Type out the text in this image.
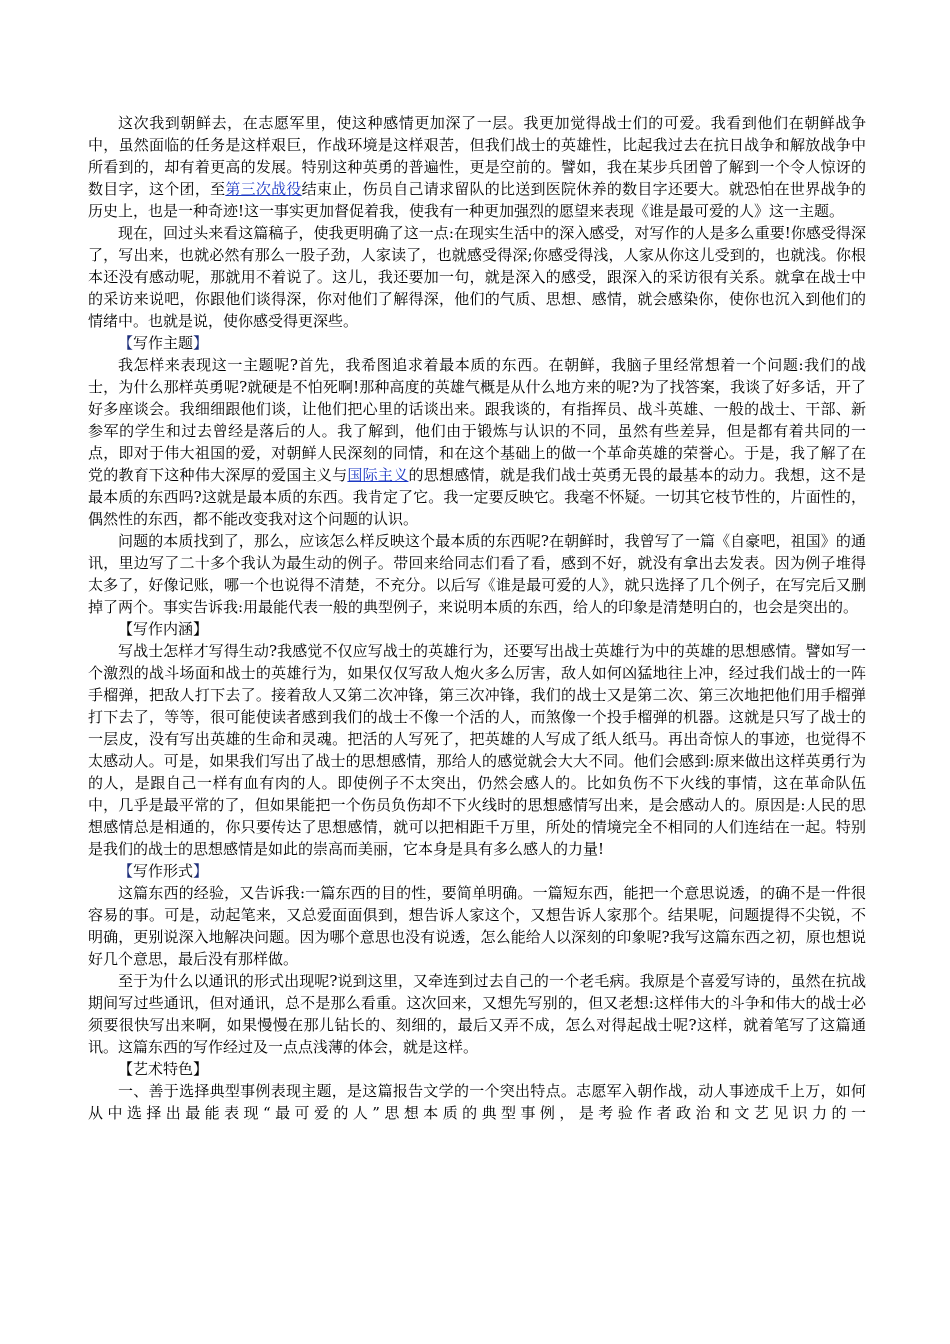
这次我到朝鲜去，在志愿军里，使这种感情更加深了一层。我更加觉得战士们的可爱。我看到他们在朝鲜战争中，虽然面临的任务是这样艰巨，作战环境是这样艰苦，但我们战士的英雄性，比起我过去在抗日战争和解放战争中所看到的，却有着更高的发展。特别这种英勇的普遍性，更是空前的。譬如，我在某步兵团曾了解到一个令人惊讶的数目字，这个团，至第三次战役结束止，伤员自己请求留队的比送到医院休养的数目字还要大。就恐怕在世界战争的历史上，也是一种奇迹!这一事实更加督促着我，使我有一种更加强烈的愿望来表现《谁是最可爱的人》这一主题。

现在，回过头来看这篇稿子，使我更明确了这一点:在现实生活中的深入感受，对写作的人是多么重要!你感受得深了，写出来，也就必然有那么一股子劲，人家读了，也就感受得深;你感受得浅，人家从你这儿受到的，也就浅。你根本还没有感动呢，那就用不着说了。这儿，我还要加一句，就是深入的感受，跟深入的采访很有关系。就拿在战士中的采访来说吧，你跟他们谈得深，你对他们了解得深，他们的气质、思想、感情，就会感染你，使你也沉入到他们的情绪中。也就是说，使你感受得更深些。

【写作主题】

我怎样来表现这一主题呢?首先，我希图追求着最本质的东西。在朝鲜，我脑子里经常想着一个问题:我们的战士，为什么那样英勇呢?就硬是不怕死啊!那种高度的英雄气概是从什么地方来的呢?为了找答案，我谈了好多话，开了好多座谈会。我细细跟他们谈，让他们把心里的话谈出来。跟我谈的，有指挥员、战斗英雄、一般的战士、干部、新参军的学生和过去曾经是落后的人。我了解到，他们由于锻炼与认识的不同，虽然有些差异，但是都有着共同的一点，即对于伟大祖国的爱，对朝鲜人民深刻的同情，和在这个基础上的做一个革命英雄的荣誉心。于是，我了解了在党的教育下这种伟大深厚的爱国主义与国际主义的思想感情，就是我们战士英勇无畏的最基本的动力。我想，这不是最本质的东西吗?这就是最本质的东西。我肯定了它。我一定要反映它。我毫不怀疑。一切其它枝节性的，片面性的，偶然性的东西，都不能改变我对这个问题的认识。

问题的本质找到了，那么，应该怎么样反映这个最本质的东西呢?在朝鲜时，我曾写了一篇《自豪吧，祖国》的通讯，里边写了二十多个我认为最生动的例子。带回来给同志们看了看，感到不好，就没有拿出去发表。因为例子堆得太多了，好像记账，哪一个也说得不清楚，不充分。以后写《谁是最可爱的人》，就只选择了几个例子，在写完后又删掉了两个。事实告诉我:用最能代表一般的典型例子，来说明本质的东西，给人的印象是清楚明白的，也会是突出的。

【写作内涵】

写战士怎样才写得生动?我感觉不仅应写战士的英雄行为，还要写出战士英雄行为中的英雄的思想感情。譬如写一个激烈的战斗场面和战士的英雄行为，如果仅仅写敌人炮火多么厉害，敌人如何凶猛地往上冲，经过我们战士的一阵手榴弹，把敌人打下去了。接着敌人又第二次冲锋，第三次冲锋，我们的战士又是第二次、第三次地把他们用手榴弹打下去了，等等，很可能使读者感到我们的战士不像一个活的人，而煞像一个投手榴弹的机器。这就是只写了战士的一层皮，没有写出英雄的生命和灵魂。把活的人写死了，把英雄的人写成了纸人纸马。再出奇惊人的事迹，也觉得不太感动人。可是，如果我们写出了战士的思想感情，那给人的感觉就会大大不同。他们会感到:原来做出这样英勇行为的人，是跟自己一样有血有肉的人。即使例子不太突出，仍然会感人的。比如负伤不下火线的事情，这在革命队伍中，几乎是最平常的了，但如果能把一个伤员负伤却不下火线时的思想感情写出来，是会感动人的。原因是:人民的思想感情总是相通的，你只要传达了思想感情，就可以把相距千万里，所处的情境完全不相同的人们连结在一起。特别是我们的战士的思想感情是如此的崇高而美丽，它本身是具有多么感人的力量!

【写作形式】

这篇东西的经验，又告诉我:一篇东西的目的性，要简单明确。一篇短东西，能把一个意思说透，的确不是一件很容易的事。可是，动起笔来，又总爱面面俱到，想告诉人家这个，又想告诉人家那个。结果呢，问题提得不尖锐，不明确，更别说深入地解决问题。因为哪个意思也没有说透，怎么能给人以深刻的印象呢?我写这篇东西之初，原也想说好几个意思，最后没有那样做。

至于为什么以通讯的形式出现呢?说到这里，又牵连到过去自己的一个老毛病。我原是个喜爱写诗的，虽然在抗战期间写过些通讯，但对通讯，总不是那么看重。这次回来，又想先写别的，但又老想:这样伟大的斗争和伟大的战士必须要很快写出来啊，如果慢慢在那儿钻长的、刻细的，最后又弄不成，怎么对得起战士呢?这样，就着笔写了这篇通讯。这篇东西的写作经过及一点点浅薄的体会，就是这样。

【艺术特色】

一、善于选择典型事例表现主题，是这篇报告文学的一个突出特点。志愿军入朝作战，动人事迹成千上万，如何从中选择出最能表现“最可爱的人”思想本质的典型事例，是考验作者政治和文艺见识力的一
